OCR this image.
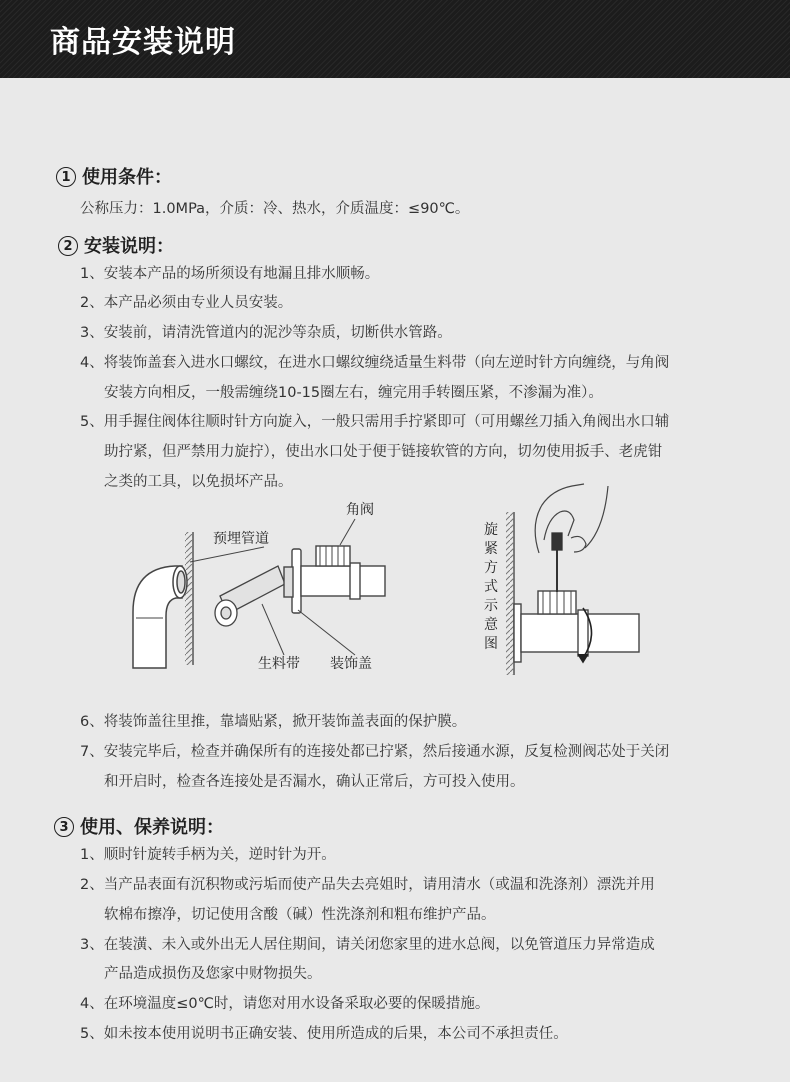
商品安装说明
1 使用条件：
公称压力：1.0MPa，介质：冷、热水，介质温度：≤90℃。
2 安装说明：
1、安装本产品的场所须设有地漏且排水顺畅。
2、本产品必须由专业人员安装。
3、安装前，请清洗管道内的泥沙等杂质，切断供水管路。
4、将装饰盖套入进水口螺纹，在进水口螺纹缠绕适量生料带（向左逆时针方向缠绕，与角阀
安装方向相反，一般需缠绕10-15圈左右，缠完用手转圈压紧，不渗漏为准）。
5、用手握住阀体往顺时针方向旋入，一般只需用手拧紧即可（可用螺丝刀插入角阀出水口辅
助拧紧，但严禁用力旋拧），使出水口处于便于链接软管的方向，切勿使用扳手、老虎钳
之类的工具，以免损坏产品。
预埋管道
角阀
生料带 装饰盖
旋
紧
方
式
示
意
图
6、将装饰盖往里推，靠墙贴紧，掀开装饰盖表面的保护膜。
7、安装完毕后，检查并确保所有的连接处都已拧紧，然后接通水源，反复检测阀芯处于关闭
和开启时，检查各连接处是否漏水，确认正常后，方可投入使用。
3 使用、保养说明：
1、顺时针旋转手柄为关，逆时针为开。
2、当产品表面有沉积物或污垢而使产品失去亮姐时，请用清水（或温和洗涤剂）漂洗并用
软棉布擦净，切记使用含酸（碱）性洗涤剂和粗布维护产品。
3、在装潢、未入或外出无人居住期间，请关闭您家里的进水总阀，以免管道压力异常造成
产品造成损伤及您家中财物损失。
4、在环境温度≤0℃时，请您对用水设备采取必要的保暖措施。
5、如未按本使用说明书正确安装、使用所造成的后果，本公司不承担责任。
